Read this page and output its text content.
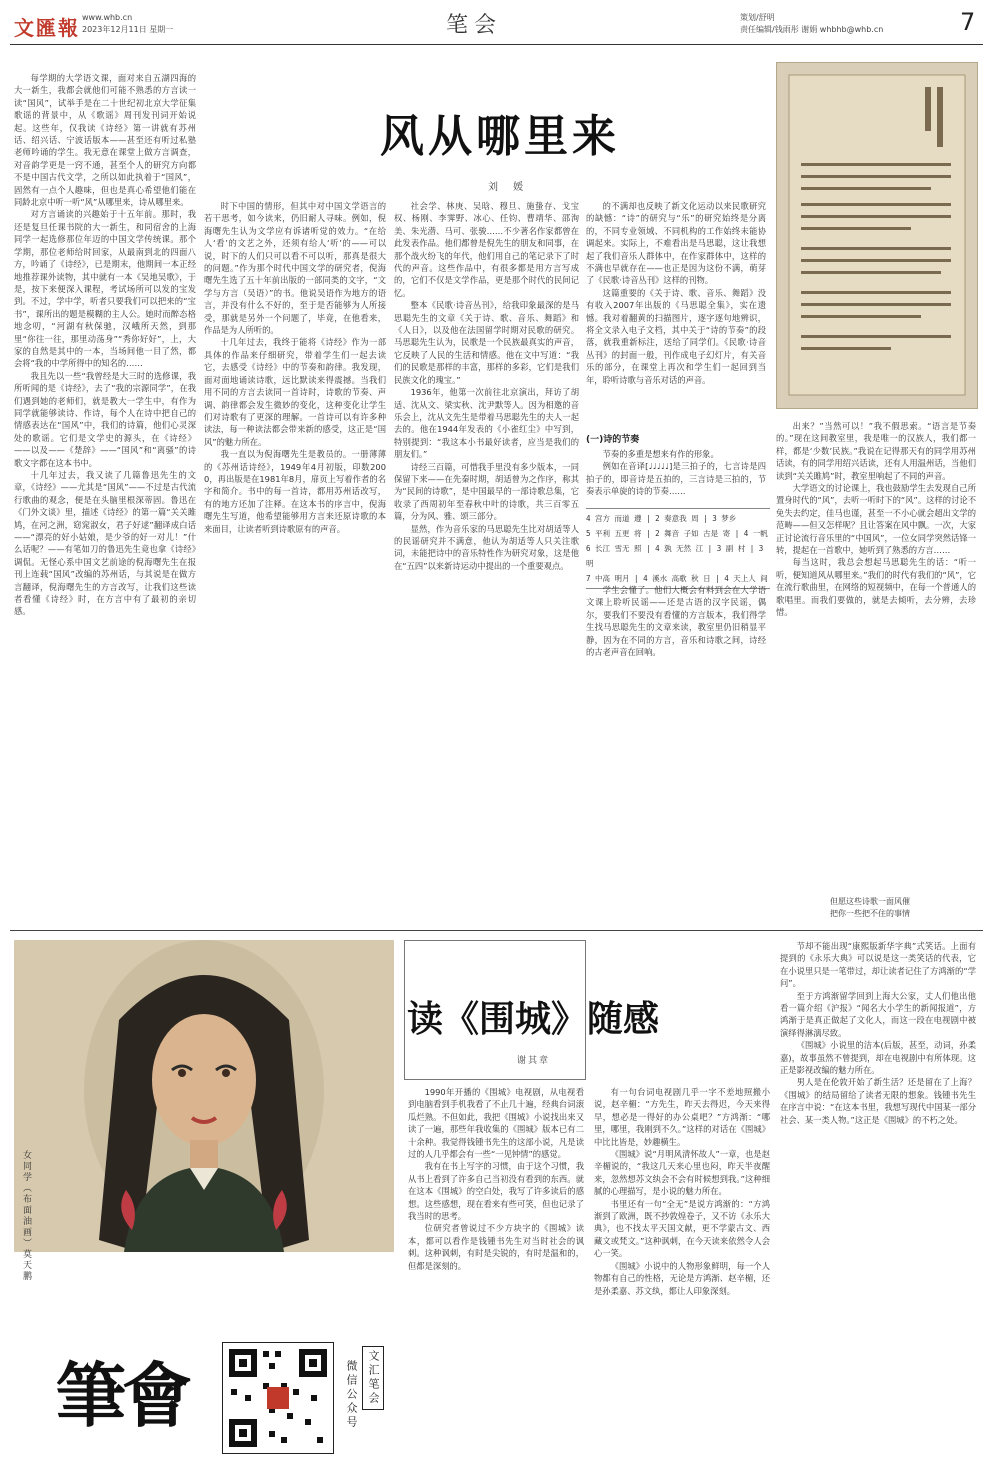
文匯報 www.whb.cn
2023年12月11日 星期一	笔会	策划/舒明
责任编辑/钱雨彤 谢娟 whbhb@whb.cn	7
风从哪里来
刘 媛

每学期的大学语文课，面对来自五湖四海的大一新生，我都会就他们可能不熟悉的方言读一读“国风”，试举手是在二十世纪初北京大学征集歌谣的背景中，从《歌谣》周刊发刊词开始说起。这些年，仅我读《诗经》第一讲就有苏州话、绍兴话、宁波话版本——甚至还有听过私塾老师吟诵的学生。我无意在课堂上做方言调查，对音韵学更是一窍不通，甚至个人的研究方向都不是中国古代文学，之所以如此执着于“国风”，固然有一点个人趣味，但也是真心希望他们能在同龄北京中听一听“风”从哪里来，诗从哪里来。

对方言诵读的兴趣始于十五年前。那时，我还是复旦任课书院的大一新生，和同宿舍的上海同学一起选修那位年迈的中国文学传统课。那个学期，那位老师给时回家，从最南到北的四面八方，吟诵了《诗经》，已是期末，他期间一本正经地推荐课外读物，其中就有一本《吴地吴歌》，于是，按下来便深入课程，考试场所可以发的宝发到。不过，学中学，听者只要我们可以把来的“宝书”，课所出的题是模糊的主人公。她时而醉态格地念叨，“河湖有秋保驰，汉峨所天然，到那里“你往一往，那里动荡身”“秀你好好”，上，大家的自然是其中的一本，当场间他一目了然，都会将“我的中学所得中的知名的……

我且先以一些“我曾经是大三时的选修课，我所听闻的是《诗经》，去了“我的宗源同学”，在我们遇到她的老师们，就是教大一学生中，有作为同学就能够读诗、作诗，每个人在诗中把自己的情感表达在“国风”中，我们的诗篇，他们心灵深处的歌谣。它们是文学史的源头，在《诗经》——以及——《楚辞》——“国风”和“离骚”的诗歌文字都在这本书中。

十几年过去，我又读了几篇鲁迅先生的文章，《诗经》——尤其是“国风”——不过是古代流行歌曲的观念，便是在头脑里根深蒂固。鲁迅在《门外文谈》里，描述《诗经》的第一篇“关关雎鸠，在河之洲，窈窕淑女，君子好逑”翻译成白话——“漂亮的好小姑娘，是少爷的好一对儿！”什么话呢？——有笔如刀的鲁迅先生竟也拿《诗经》调侃。无怪心系中国文艺前途的倪海曙先生在报刊上连载“国风”改编的苏州话，与其说是在做方言翻译，倪海曙先生的方言改写，让我们这些读者看懂《诗经》时，在方言中有了最初的亲切感。

时下中国的情形，但其中对中国文学语言的若干思考，如今读来，仍旧耐人寻味。例如，倪海曙先生认为文学应有诉诸听觉的效力。“在给人‘看’的文艺之外，还须有给人‘听’的——可以说，时下的人们只可以看不可以听，那真是很大的问题。”作为那个时代中国文学的研究者，倪海曙先生选了五十年前出版的一部同类的文字，“文学与方言（吴语）”的书。他说吴语作为地方的语言，并没有什么不好的，至于是否能够为人所接受，那就是另外一个问题了，毕竟，在他看来，作品是为人所听的。

十几年过去，我终于能将《诗经》作为一部具体的作品来仔细研究，带着学生们一起去读它，去感受《诗经》中的节奏和韵律。我发现，面对面地诵读诗歌，远比默读来得震撼。当我们用不同的方言去读同一首诗时，诗歌的节奏、声调、韵律都会发生微妙的变化，这种变化让学生们对诗歌有了更深的理解。一首诗可以有许多种读法，每一种读法都会带来新的感受，这正是“国风”的魅力所在。

我一直以为倪海曙先生是教员的。一册薄薄的《苏州话诗经》，1949年4月初版，印数2000，再出版是在1981年8月，扉页上写着作者的名字和简介。书中的每一首诗，都用苏州话改写，有的地方还加了注释。在这本书的序言中，倪海曙先生写道，他希望能够用方言来还原诗歌的本来面目，让读者听到诗歌原有的声音。

社会学、林庚、吴晗、穆旦、施蛰存、戈宝权、杨刚、李霁野、冰心、任钧、曹靖华、邵洵美、朱光潜、马可、张骏……不少著名作家都曾在此发表作品。他们都曾是倪先生的朋友和同事，在那个战火纷飞的年代，他们用自己的笔记录下了时代的声音。这些作品中，有很多都是用方言写成的，它们不仅是文学作品，更是那个时代的民间记忆。

整本《民歌·诗音丛刊》，给我印象最深的是马思聪先生的文章《关于诗、歌、音乐、舞蹈》和《人日》，以及他在法国留学时期对民歌的研究。马思聪先生认为，民歌是一个民族最真实的声音，它反映了人民的生活和情感。他在文中写道：“我们的民歌是那样的丰富，那样的多彩，它们是我们民族文化的瑰宝。”

1936年，他第一次前往北京演出，拜访了胡适、沈从文、梁实秋、沈尹默等人。因为相邀的音乐会上，沈从文先生是带着马思聪先生的夫人一起去的。他在1944年发表的《小雀红尘》中写到，特别提到：“我这本小书最好读者，应当是我们的朋友们。”

诗经三百篇，可惜我手里没有多少版本，一同保留下来——在先秦时期，胡适曾为之作序，称其为“民间的诗歌”，是中国最早的一部诗歌总集，它收录了西周初年至春秋中叶的诗歌，共三百零五篇，分为风、雅、颂三部分。

显然，作为音乐家的马思聪先生比对胡适等人的民谣研究并不满意，他认为胡适等人只关注歌词，未能把诗中的音乐特性作为研究对象，这是他在“五四”以来新诗运动中提出的一个重要观点。

的不满却也反映了新文化运动以来民歌研究的缺憾：“诗”的研究与“乐”的研究始终是分离的，不同专业领域、不同机构的工作始终未能协调起来。实际上，不难看出是马思聪，这让我想起了我们音乐人群体中，在作家群体中，这样的不满也早就存在——也正是因为这份不满，萌芽了《民歌·诗音丛刊》这样的刊物。

这篇重要的《关于诗、歌、音乐、舞蹈》没有收入2007年出版的《马思聪全集》，实在遗憾。我对着翻黄的扫描图片，逐字逐句地辨识，将全文录入电子文档，其中关于“诗的节奏”的段落，就我重新标注，送给了同学们。《民歌·诗音丛刊》的封面一般，刊作成电子幻灯片，有关音乐的部分，在课堂上再次和学生们一起回到当年，聆听诗歌与音乐对话的声音。

(一)诗的节奏

节奏的多重是想来有作的形象。

例如在音译[♩♩♩♩♩]是三拍子的，七言诗是四拍子的，即音诗是五拍的，三言诗是三拍的，节奏表示单旋的诗的节奏……

4 宫方 而道 遵 | 2 奏意我 周 | 3 梦乡
5 平利 五更 将 | 2 舞音 子如 古是 寄 | 4 一帆
6 长江 雪无 照 | 4 孰 无然 江 | 3 副 村 | 3 明
7 中高 明月 | 4 溪水 高歌 秋 日 | 4 天上人 间

学生会懂了。他们大概会有料到会在大学语文课上聆听民谣——还是古语的汉字民谣，偶尔，要我们不要没有看懂的方言版本，我们得学生找马思聪先生的文章来读，教室里仍旧稍显平静，因为在不同的方言，音乐和诗歌之间，诗经的古老声音在回响。

出来？”当然可以！”我不假思索。“语言是节奏的。”现在这间教室里，我是唯一的汉族人，我们都一样，都是‘少数’民族。”我说在记得那天有的同学用苏州话读，有的同学用绍兴话读，还有人用温州话，当他们读到“关关雎鸠”时，教室里响起了不同的声音。

大学语文的讨论课上，我也鼓励学生去发现自己所置身时代的“风”，去听一听时下的“风”。这样的讨论不免失去约定，佳马也谨，甚至一不小心就会超出文学的范畴——但又怎样呢？且让答案在风中飘。一次，大家正讨论流行音乐里的“中国风”，一位女同学突然话锋一转，提起在一首歌中，她听到了熟悉的方言……

每当这时，我总会想起马思聪先生的话：“听一听，便知道风从哪里来。”我们的时代有我们的“风”，它在流行歌曲里，在网络的短视频中，在每一个普通人的歌唱里。而我们要做的，就是去倾听，去分辨，去珍惜。

但愿这些诗歌一面风催
把你一些把不住的事情
女同学（布面油画）莫天鹏
筆會	微信公众号 文汇笔会
读《围城》随感
谢其章

1990年开播的《围城》电视剧，从电视看到电脑看到手机我看了不止几十遍，经典台词滚瓜烂熟。不但如此，我把《围城》小说找出来又读了一遍，那些年我收集的《围城》版本已有二十余种。我觉得钱锺书先生的这部小说，凡是读过的人几乎都会有一些“一见钟情”的感觉。

我有在书上写字的习惯，由于这个习惯，我从书上看到了许多自己当初没有看到的东西。就在这本《围城》的空白处，我写了许多读后的感想。这些感想，现在看来有些可笑，但也记录了我当时的思考。

位研究者曾说过不少方块字的《围城》读本，都可以看作是钱锺书先生对当时社会的讽刺。这种讽刺，有时是尖锐的，有时是温和的，但都是深刻的。

有一句台词电视剧几乎一字不差地照搬小说，赵辛楣：“方先生，昨天去得迟，今天来得早，想必是一得好的办公桌吧？”方鸿渐：“哪里，哪里，我刚到不久。”这样的对话在《围城》中比比皆是，妙趣横生。

《围城》说“月明风清怀故人”一章，也是赵辛楣说的，“我这几天来心里也闷，昨天半夜醒来，忽然想苏文纨会不会有时候想到我。”这种细腻的心理描写，是小说的魅力所在。

书里还有一句“全无”是说方鸿渐的：“方鸿渐到了欧洲，既不抄敦煌卷子，又不访《永乐大典》，也不找太平天国文献，更不学蒙古文、西藏文或梵文。”这种讽刺，在今天读来依然令人会心一笑。

《围城》小说中的人物形象鲜明，每一个人物都有自己的性格，无论是方鸿渐、赵辛楣，还是孙柔嘉、苏文纨，都让人印象深刻。

节却不能出现“康熙版新华字典”式笑话。上面有提到的《永乐大典》可以说是这一类笑话的代表，它在小说里只是一笔带过，却让读者记住了方鸿渐的“学问”。

至于方鸿渐留学回到上海大公家，丈人们他出他看一篇介绍《沪报》“闻名大小学生的新闻报道”，方鸿渐于是真正做起了文化人，而这一段在电视剧中被演绎得淋漓尽致。

《围城》小说里的洁本(后版，甚至，动词，孙柔嘉)，故事虽然不曾提到，却在电视剧中有所体现。这正是影视改编的魅力所在。

男人是在伦敦开始了新生活？还是留在了上海？《围城》的结局留给了读者无限的想象。钱锺书先生在序言中说：“在这本书里，我想写现代中国某一部分社会、某一类人物。”这正是《围城》的不朽之处。
